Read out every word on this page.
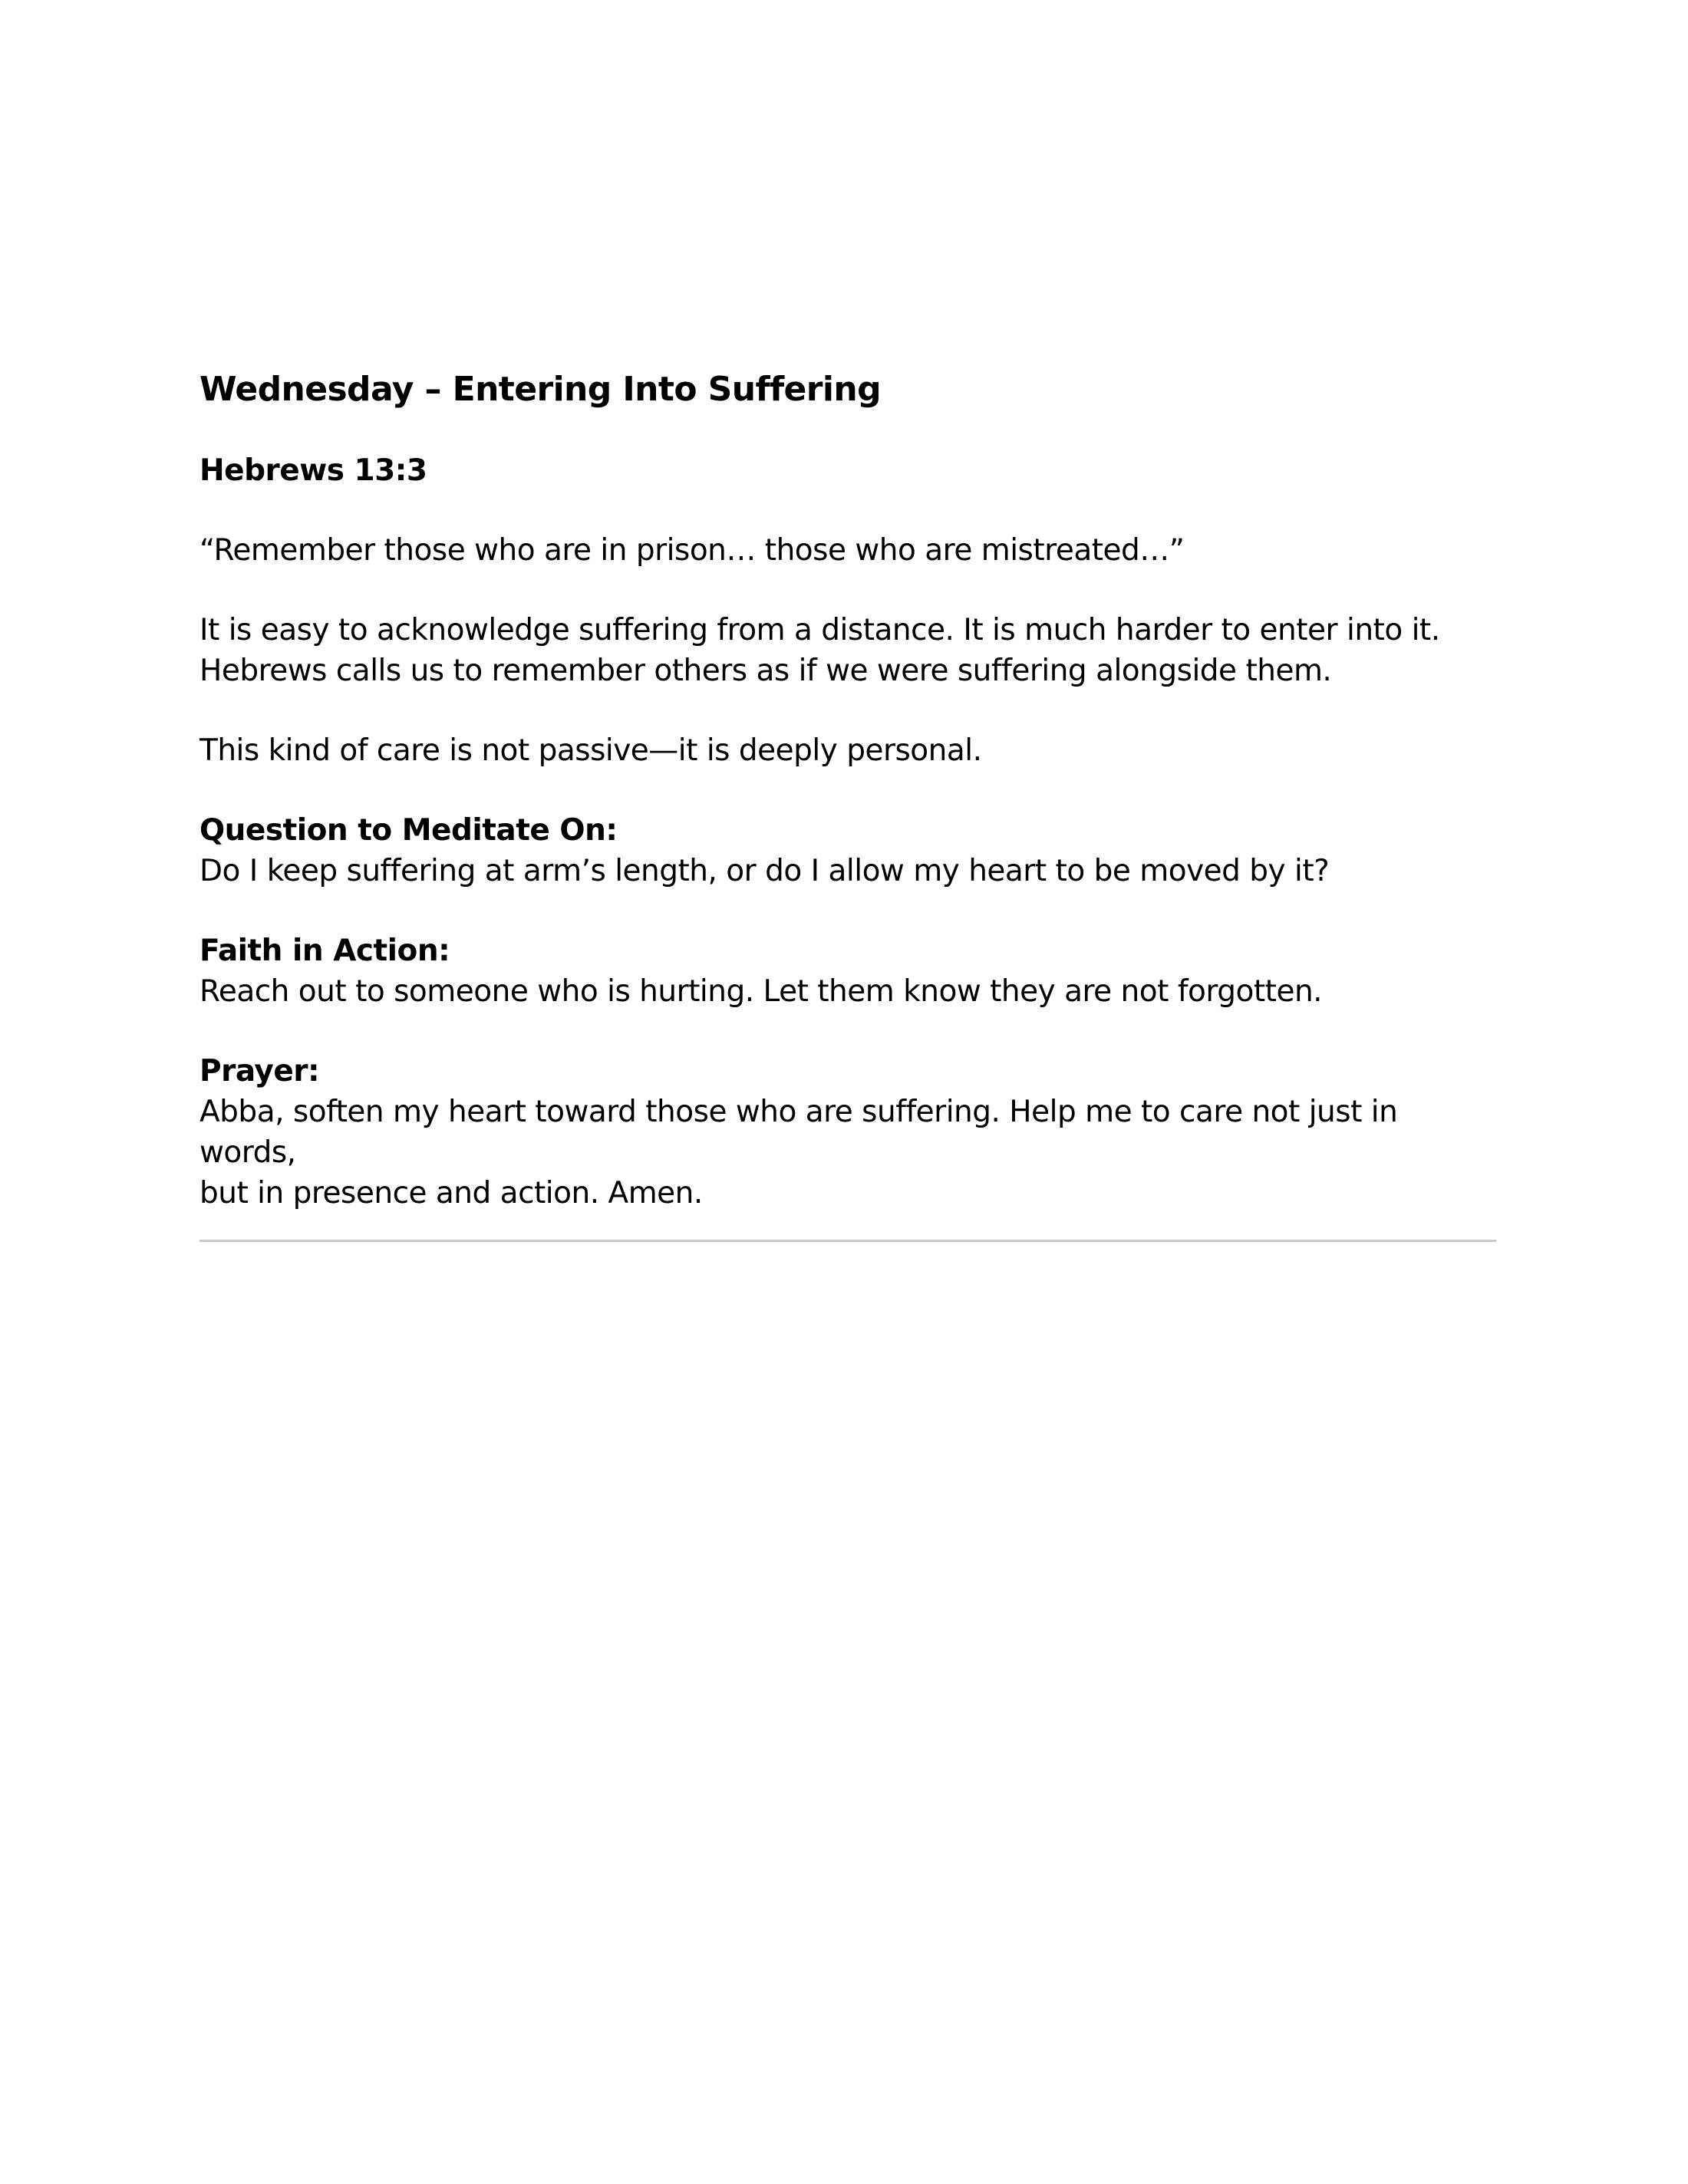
Wednesday – Entering Into Suffering

Hebrews 13:3

“Remember those who are in prison… those who are mistreated…”

It is easy to acknowledge suffering from a distance. It is much harder to enter into it.

Hebrews calls us to remember others as if we were suffering alongside them.

This kind of care is not passive—it is deeply personal.

Question to Meditate On:

Do I keep suffering at arm’s length, or do I allow my heart to be moved by it?

Faith in Action:

Reach out to someone who is hurting. Let them know they are not forgotten.

Prayer:

Abba, soften my heart toward those who are suffering. Help me to care not just in words,

but in presence and action. Amen.
